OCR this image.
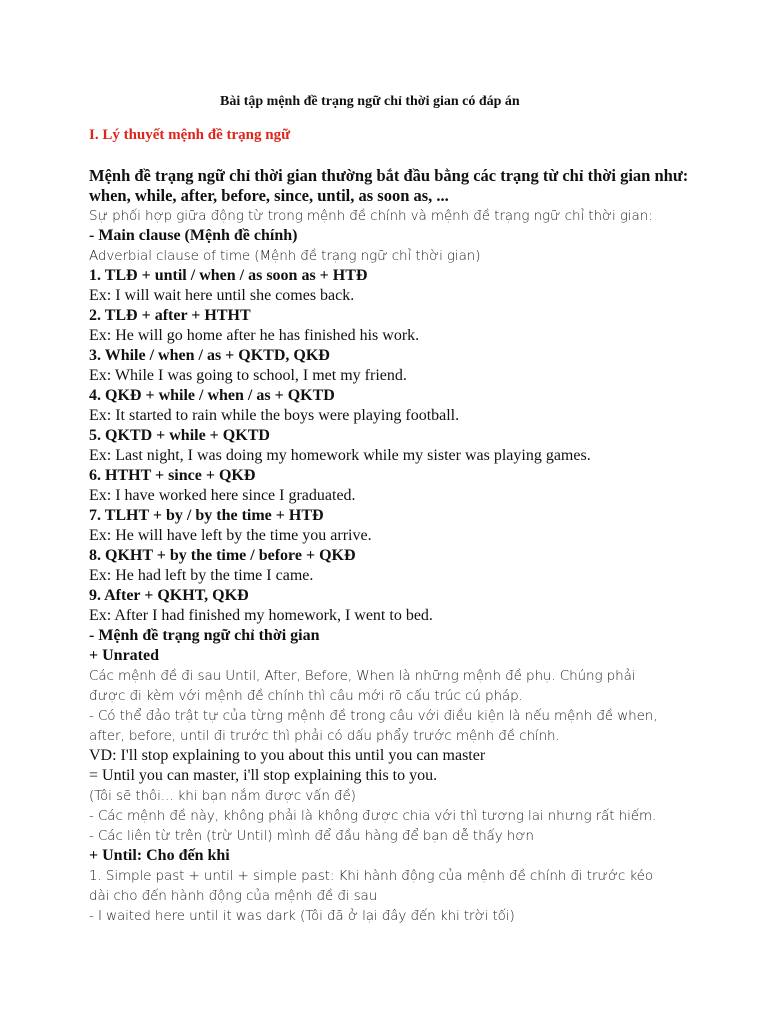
Bài tập mệnh đề trạng ngữ chỉ thời gian có đáp án
I. Lý thuyết mệnh đề trạng ngữ
Mệnh đề trạng ngữ chỉ thời gian thường bắt đầu bằng các trạng từ chỉ thời gian như: when, while, after, before, since, until, as soon as, ...
Sự phối hợp giữa động từ trong mệnh đề chính và mệnh đề trạng ngữ chỉ thời gian:
- Main clause (Mệnh đề chính)
Adverbial clause of time (Mệnh đề trạng ngữ chỉ thời gian)
1. TLĐ + until / when / as soon as + HTĐ
Ex: I will wait here until she comes back.
2. TLĐ + after + HTHT
Ex: He will go home after he has finished his work.
3. While / when / as + QKTD, QKĐ
Ex: While I was going to school, I met my friend.
4. QKĐ + while / when / as + QKTD
Ex: It started to rain while the boys were playing football.
5. QKTD + while + QKTD
Ex: Last night, I was doing my homework while my sister was playing games.
6. HTHT + since + QKĐ
Ex: I have worked here since I graduated.
7. TLHT + by / by the time + HTĐ
Ex: He will have left by the time you arrive.
8. QKHT + by the time / before + QKĐ
Ex: He had left by the time I came.
9. After + QKHT, QKĐ
Ex: After I had finished my homework, I went to bed.
- Mệnh đề trạng ngữ chỉ thời gian
+ Unrated
Các mệnh đề đi sau Until, After, Before, When là những mệnh đề phụ. Chúng phải
được đi kèm với mệnh đề chính thì câu mới rõ cấu trúc cú pháp.
- Có thể đảo trật tự của từng mệnh đề trong câu với điều kiện là nếu mệnh đề when,
after, before, until đi trước thì phải có dấu phẩy trước mệnh đề chính.
VD: I'll stop explaining to you about this until you can master
= Until you can master, i'll stop explaining this to you.
(Tôi sẽ thôi... khi bạn nắm được vấn đề)
- Các mệnh đề này, không phải là không được chia với thì tương lai nhưng rất hiếm.
- Các liên từ trên (trừ Until) mình để đầu hàng để bạn dễ thấy hơn
+ Until: Cho đến khi
1. Simple past + until + simple past: Khi hành động của mệnh đề chính đi trước kéo
dài cho đến hành động của mệnh đề đi sau
- I waited here until it was dark (Tôi đã ở lại đây đến khi trời tối)
